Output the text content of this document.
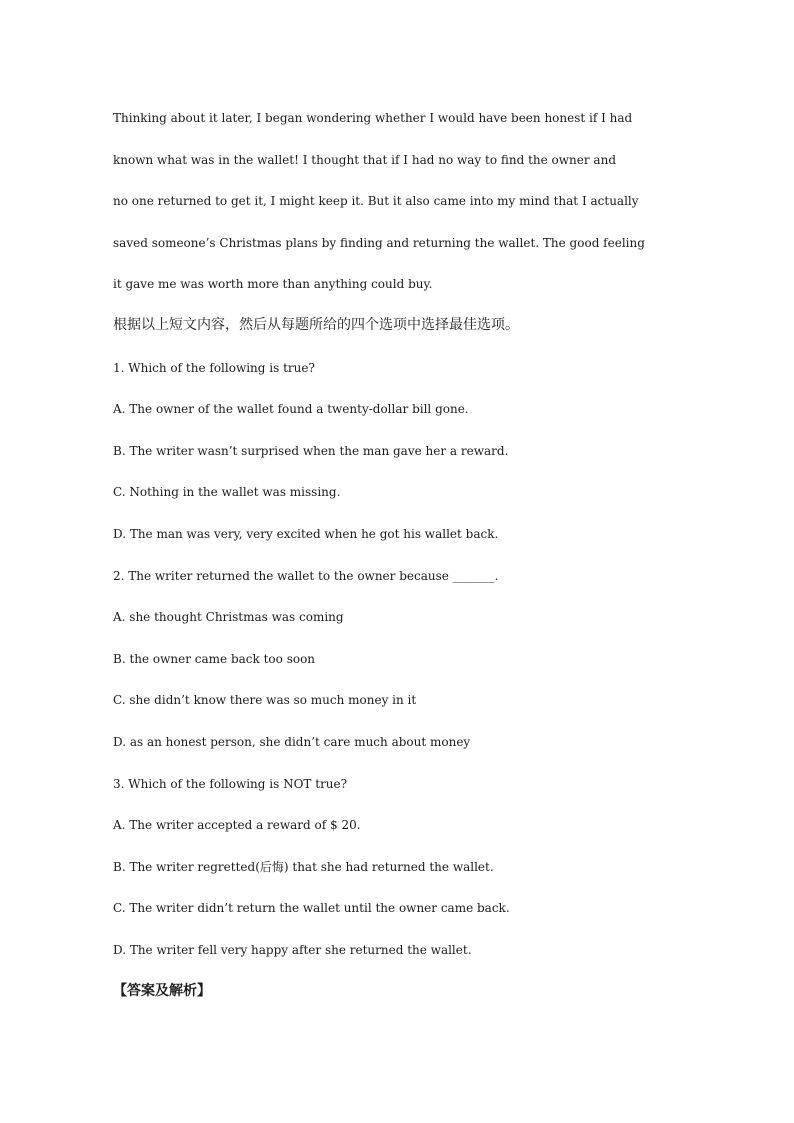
Thinking about it later, I began wondering whether I would have been honest if I had
known what was in the wallet! I thought that if I had no way to find the owner and
no one returned to get it, I might keep it. But it also came into my mind that I actually
saved someone’s Christmas plans by finding and returning the wallet. The good feeling
it gave me was worth more than anything could buy.
根据以上短文内容，然后从每题所给的四个选项中选择最佳选项。
1. Which of the following is true?
A. The owner of the wallet found a twenty-dollar bill gone.
B. The writer wasn’t surprised when the man gave her a reward.
C. Nothing in the wallet was missing.
D. The man was very, very excited when he got his wallet back.
2. The writer returned the wallet to the owner because _______.
A. she thought Christmas was coming
B. the owner came back too soon
C. she didn’t know there was so much money in it
D. as an honest person, she didn’t care much about money
3. Which of the following is NOT true?
A. The writer accepted a reward of $ 20.
B. The writer regretted(后悔) that she had returned the wallet.
C. The writer didn’t return the wallet until the owner came back.
D. The writer fell very happy after she returned the wallet.
【答案及解析】
